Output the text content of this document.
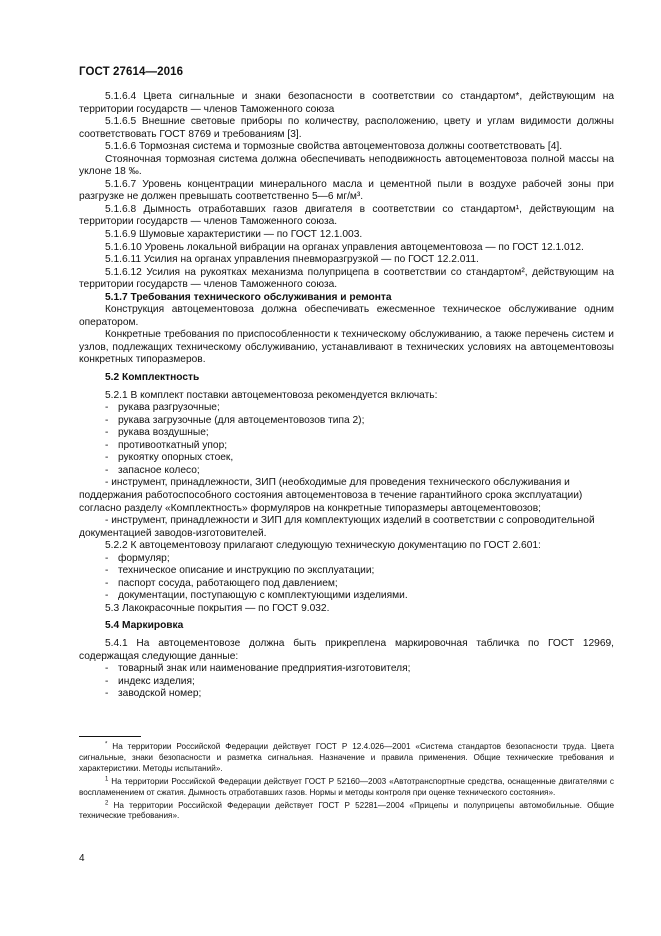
ГОСТ 27614—2016

5.1.6.4 Цвета сигнальные и знаки безопасности в соответствии со стандартом*, действующим на территории государств — членов Таможенного союза

5.1.6.5 Внешние световые приборы по количеству, расположению, цвету и углам видимости должны соответствовать ГОСТ 8769 и требованиям [3].

5.1.6.6 Тормозная система и тормозные свойства автоцементовоза должны соответствовать [4].

Стояночная тормозная система должна обеспечивать неподвижность автоцементовоза полной массы на уклоне 18 ‰.

5.1.6.7 Уровень концентрации минерального масла и цементной пыли в воздухе рабочей зоны при разгрузке не должен превышать соответственно 5—6 мг/м³.

5.1.6.8 Дымность отработавших газов двигателя в соответствии со стандартом¹, действующим на территории государств — членов Таможенного союза.

5.1.6.9 Шумовые характеристики — по ГОСТ 12.1.003.

5.1.6.10 Уровень локальной вибрации на органах управления автоцементовоза — по ГОСТ 12.1.012.

5.1.6.11 Усилия на органах управления пневморазгрузкой — по ГОСТ 12.2.011.

5.1.6.12 Усилия на рукоятках механизма полуприцепа в соответствии со стандартом², действующим на территории государств — членов Таможенного союза.

5.1.7 Требования технического обслуживания и ремонта

Конструкция автоцементовоза должна обеспечивать ежесменное техническое обслуживание одним оператором.

Конкретные требования по приспособленности к техническому обслуживанию, а также перечень систем и узлов, подлежащих техническому обслуживанию, устанавливают в технических условиях на автоцементовозы конкретных типоразмеров.

5.2 Комплектность

5.2.1 В комплект поставки автоцементовоза рекомендуется включать:

- рукава разгрузочные;
- рукава загрузочные (для автоцементовозов типа 2);
- рукава воздушные;
- противооткатный упор;
- рукоятку опорных стоек,
- запасное колесо;

- инструмент, принадлежности, ЗИП (необходимые для проведения технического обслуживания и поддержания работоспособного состояния автоцементовоза в течение гарантийного срока эксплуатации) согласно разделу «Комплектность» формуляров на конкретные типоразмеры автоцементовозов;

- инструмент, принадлежности и ЗИП для комплектующих изделий в соответствии с сопроводительной документацией заводов-изготовителей.

5.2.2 К автоцементовозу прилагают следующую техническую документацию по ГОСТ 2.601:

- формуляр;
- техническое описание и инструкцию по эксплуатации;
- паспорт сосуда, работающего под давлением;
- документации, поступающую с комплектующими изделиями.

5.3 Лакокрасочные покрытия — по ГОСТ 9.032.

5.4 Маркировка

5.4.1 На автоцементовозе должна быть прикреплена маркировочная табличка по ГОСТ 12969, содержащая следующие данные:

- товарный знак или наименование предприятия-изготовителя;
- индекс изделия;
- заводской номер;

* На территории Российской Федерации действует ГОСТ Р 12.4.026—2001 «Система стандартов безопасности труда. Цвета сигнальные, знаки безопасности и разметка сигнальная. Назначение и правила применения. Общие технические требования и характеристики. Методы испытаний».

$^1$ На территории Российской Федерации действует ГОСТ Р 52160—2003 «Автотранспортные средства, оснащенные двигателями с воспламенением от сжатия. Дымность отработавших газов. Нормы и методы контроля при оценке технического состояния».

$^2$ На территории Российской Федерации действует ГОСТ Р 52281—2004 «Прицепы и полуприцепы автомобильные. Общие технические требования».

4
